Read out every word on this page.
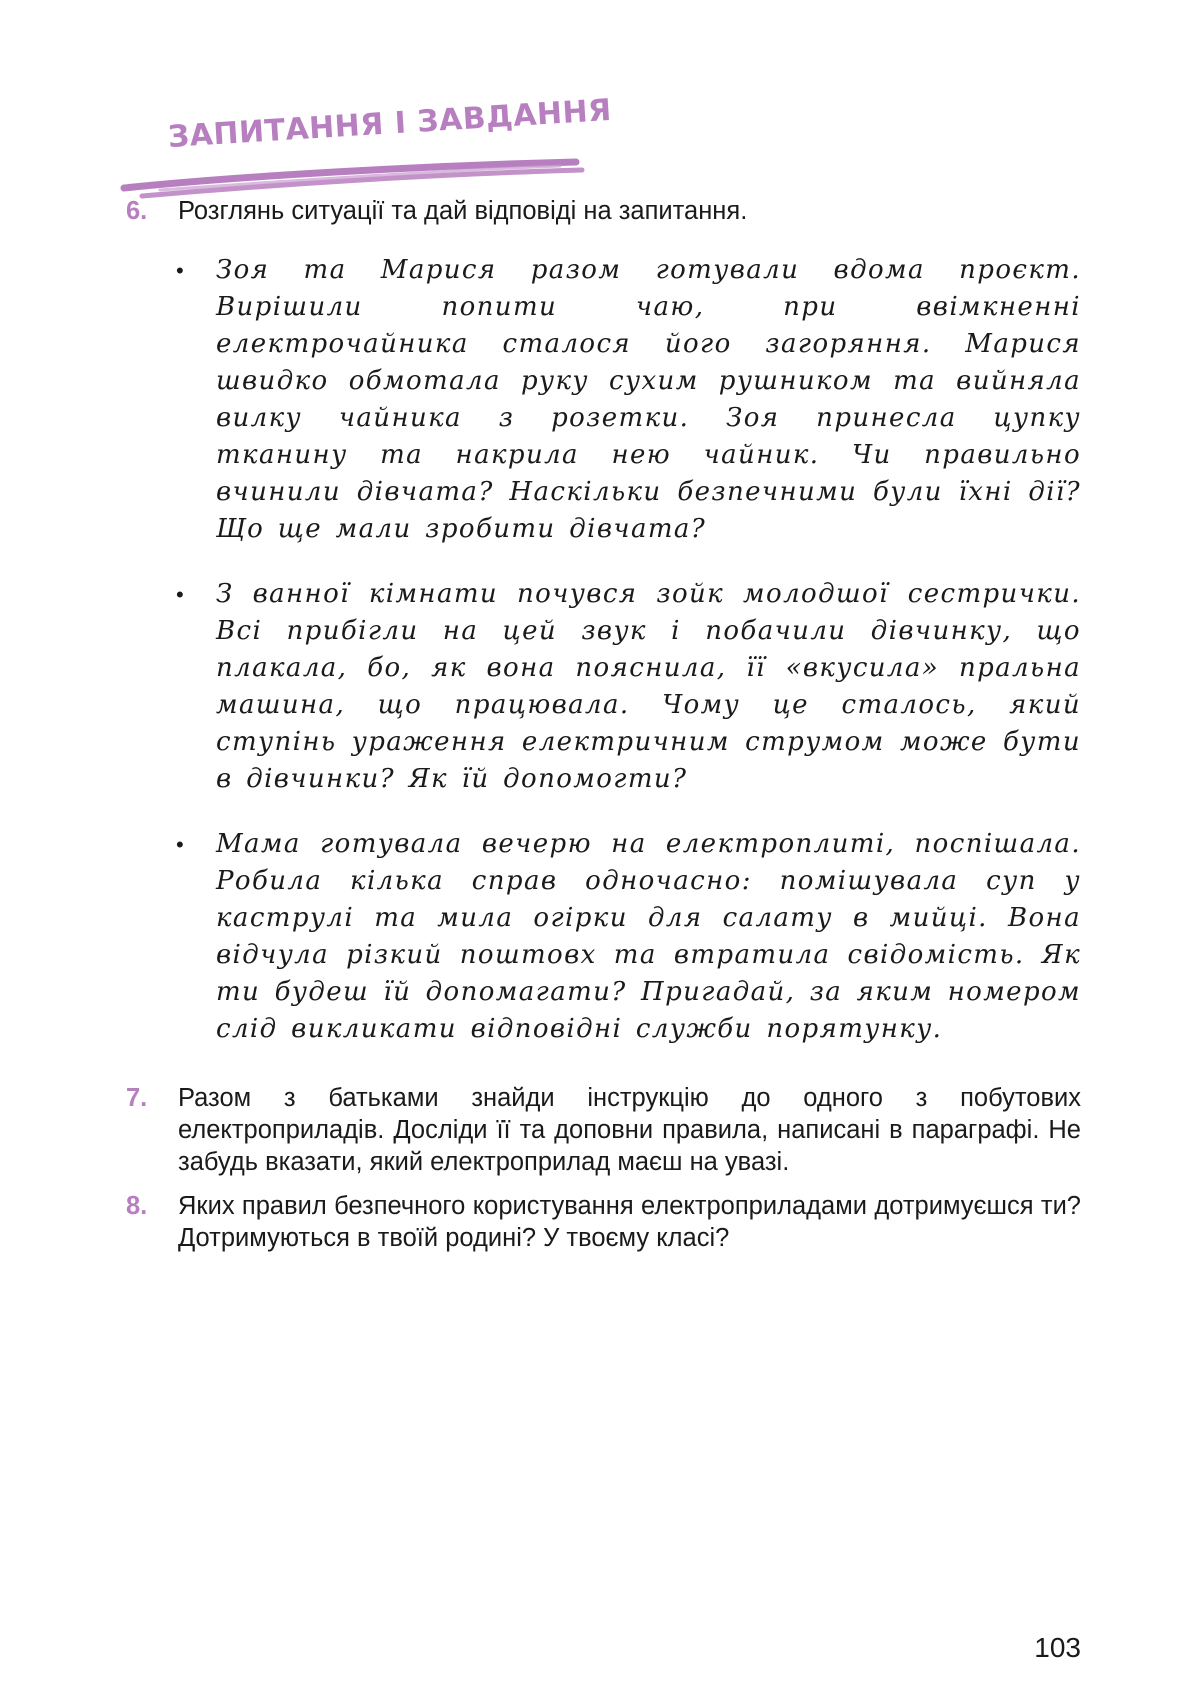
ЗАПИТАННЯ І ЗАВДАННЯ
6. Розглянь ситуації та дай відповіді на запитання.
• Зоя та Марися разом готували вдома проєкт. Вирішили попити чаю, при ввімкненні електрочайника сталося його загоряння. Марися швидко обмотала руку сухим рушником та вийняла вилку чайника з розетки. Зоя принесла цупку тканину та накрила нею чайник. Чи правильно вчинили дівчата? Наскільки безпечними були їхні дії? Що ще мали зробити дівчата?
• З ванної кімнати почувся зойк молодшої сестрички. Всі прибігли на цей звук і побачили дівчинку, що плакала, бо, як вона пояснила, її «вкусила» пральна машина, що працювала. Чому це сталось, який ступінь ураження електричним струмом може бути в дівчинки? Як їй допомогти?
• Мама готувала вечерю на електроплиті, поспішала. Робила кілька справ одночасно: помішувала суп у каструлі та мила огірки для салату в мийці. Вона відчула різкий поштовх та втратила свідомість. Як ти будеш їй допомагати? Пригадай, за яким номером слід викликати відповідні служби порятунку.
7. Разом з батьками знайди інструкцію до одного з побутових електроприладів. Досліди її та доповни правила, написані в параграфі. Не забудь вказати, який електроприлад маєш на увазі.
8. Яких правил безпечного користування електроприладами дотримуєшся ти? Дотримуються в твоїй родині? У твоєму класі?
103
